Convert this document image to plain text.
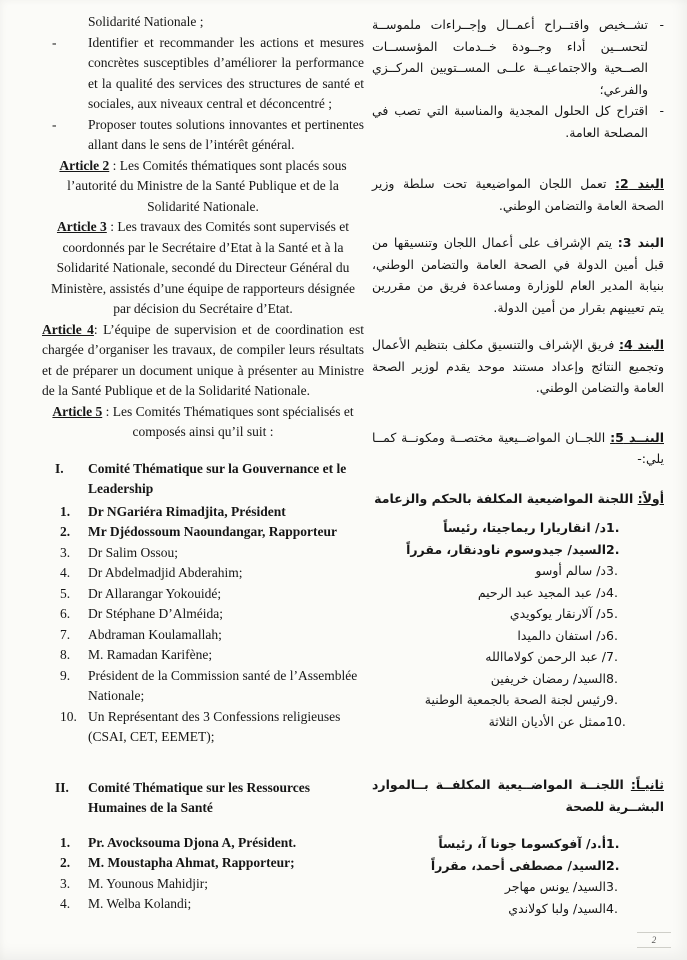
Solidarité Nationale ;

-	Identifier et recommander les actions et mesures concrètes susceptibles d’améliorer la performance et la qualité des services des structures de santé et sociales, aux niveaux central et déconcentré ;
-	Proposer toutes solutions innovantes et pertinentes allant dans le sens de l’intérêt général.

Article 2 : Les Comités thématiques sont placés sous l’autorité du Ministre de la Santé Publique et de la Solidarité Nationale.

Article 3 : Les travaux des Comités sont supervisés et coordonnés par le Secrétaire d’Etat à la Santé et à la Solidarité Nationale, secondé du Directeur Général du Ministère, assistés d’une équipe de rapporteurs désignée par décision du Secrétaire d’Etat.

Article 4: L’équipe de supervision et de coordination est chargée d’organiser les travaux, de compiler leurs résultats et de préparer un document unique à présenter au Ministre de la Santé Publique et de la Solidarité Nationale.

Article 5 : Les Comités Thématiques sont spécialisés et composés ainsi qu’il suit :

I.	Comité Thématique sur la Gouvernance et le Leadership
1.	Dr NGariéra Rimadjita, Président
2.	Mr Djédossoum Naoundangar, Rapporteur
3.	Dr Salim Ossou;
4.	Dr Abdelmadjid Abderahim;
5.	Dr Allarangar Yokouidé;
6.	Dr Stéphane D’Alméida;
7.	Abdraman Koulamallah;
8.	M. Ramadan Karifène;
9.	Président de la Commission santé de l’Assemblée Nationale;
10. Un Représentant des 3 Confessions religieuses (CSAI, CET, EEMET);
II.	Comité Thématique sur les Ressources Humaines de la Santé
1.	Pr. Avocksouma Djona A, Président.
2.	M. Moustapha Ahmat, Rapporteur;
3.	M. Younous Mahidjir;
4.	M. Welba Kolandi;
-
تشــخيص واقتــراح أعمــال وإجــراءات ملموســة لتحســين أداء وجــودة خــدمات المؤسســات الصــحية والاجتماعيــة علــى المســتويين المركــزي والفرعي؛
-
اقتراح كل الحلول المجدية والمناسبة التي تصب في المصلحة العامة.

البند 2: تعمل اللجان المواضيعية تحت سلطة وزير الصحة العامة والتضامن الوطني.

البند 3: يتم الإشراف على أعمال اللجان وتنسيقها من قبل أمين الدولة في الصحة العامة والتضامن الوطني، بنيابة المدير العام للوزارة ومساعدة فريق من مقررين يتم تعيينهم بقرار من أمين الدولة.

البند 4: فريق الإشراف والتنسيق مكلف بتنظيم الأعمال وتجميع النتائج وإعداد مستند موحد يقدم لوزير الصحة العامة والتضامن الوطني.

البنــد 5: اللجــان المواضــيعية مختصــة ومكونــة كمــا يلي:-

أولاً: اللجنة المواضيعية المكلفة بالحكم والزعامة
1.
د/ انقاريارا ريماجيتا، رئيساً
2.
السيد/ جيدوسوم ناودنقار، مقرراً
3.
د/ سالم أوسو
4.
د/ عبد المجيد عبد الرحيم
5.
د/ آلارنقار يوكويدي
6.
د/ استفان دالميدا
7.
/ عبد الرحمن كولاماالله
8.
السيد/ رمضان خريفين
9.
رئيس لجنة الصحة بالجمعية الوطنية
10.
ممثل عن الأديان الثلاثة
ثانيـاً: اللجنــة المواضــيعية المكلفــة بــالموارد البشــرية للصحة
1.
أ.د/ آفوكسوما جونا آ، رئيساً
2.
السيد/ مصطفى أحمد، مقرراً
3.
السيد/ يونس مهاجر
4.
السيد/ ولبا كولاندي
2
